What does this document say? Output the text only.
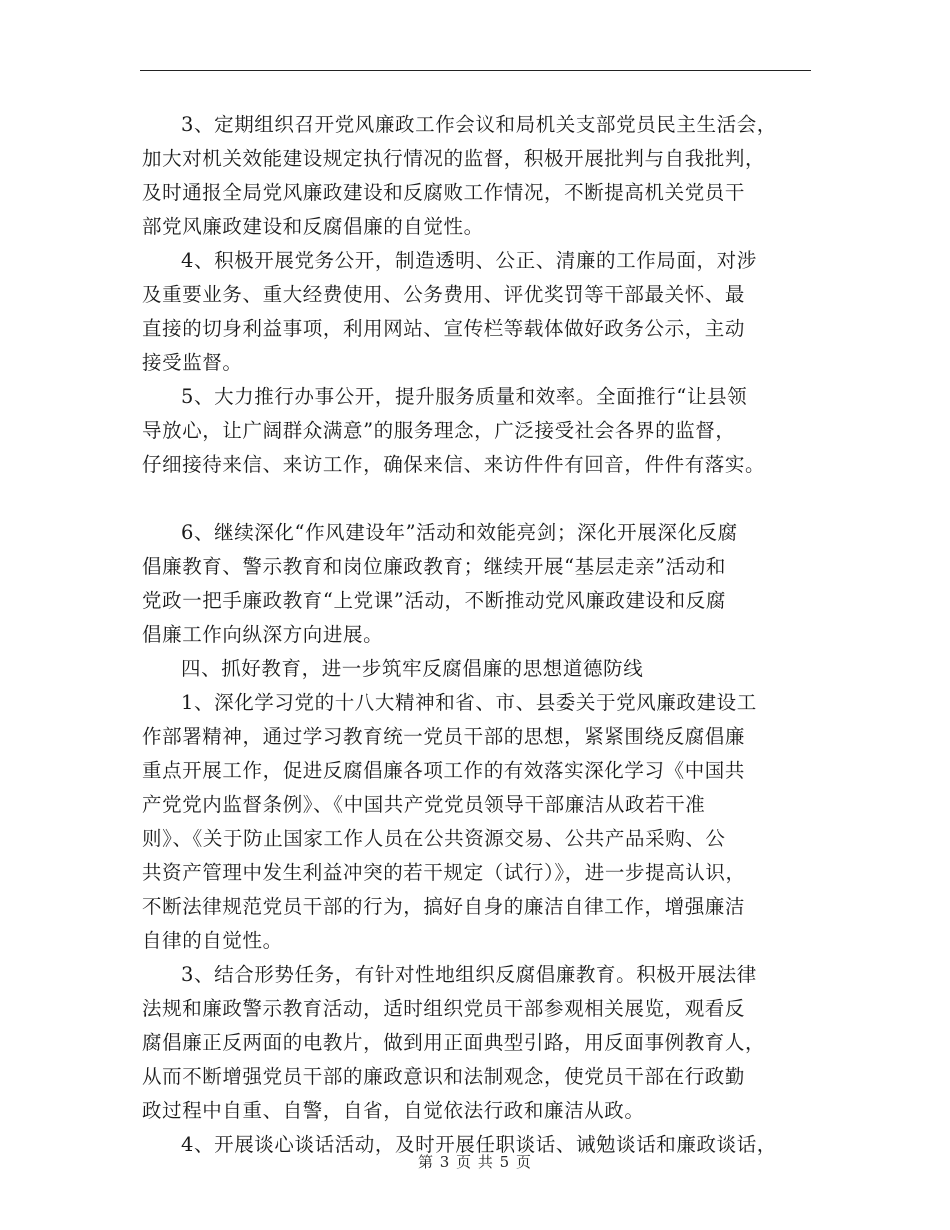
3、定期组织召开党风廉政工作会议和局机关支部党员民主生活会，
加大对机关效能建设规定执行情况的监督，积极开展批判与自我批判，
及时通报全局党风廉政建设和反腐败工作情况，不断提高机关党员干
部党风廉政建设和反腐倡廉的自觉性。
4、积极开展党务公开，制造透明、公正、清廉的工作局面，对涉
及重要业务、重大经费使用、公务费用、评优奖罚等干部最关怀、最
直接的切身利益事项，利用网站、宣传栏等载体做好政务公示，主动
接受监督。
5、大力推行办事公开，提升服务质量和效率。全面推行“让县领
导放心，让广阔群众满意”的服务理念，广泛接受社会各界的监督，
仔细接待来信、来访工作，确保来信、来访件件有回音，件件有落实。
6、继续深化“作风建设年”活动和效能亮剑；深化开展深化反腐
倡廉教育、警示教育和岗位廉政教育；继续开展“基层走亲”活动和
党政一把手廉政教育“上党课”活动，不断推动党风廉政建设和反腐
倡廉工作向纵深方向进展。
四、抓好教育，进一步筑牢反腐倡廉的思想道德防线
1、深化学习党的十八大精神和省、市、县委关于党风廉政建设工
作部署精神，通过学习教育统一党员干部的思想，紧紧围绕反腐倡廉
重点开展工作，促进反腐倡廉各项工作的有效落实深化学习《中国共
产党党内监督条例》、《中国共产党党员领导干部廉洁从政若干准
则》、《关于防止国家工作人员在公共资源交易、公共产品采购、公
共资产管理中发生利益冲突的若干规定（试行）》，进一步提高认识，
不断法律规范党员干部的行为，搞好自身的廉洁自律工作，增强廉洁
自律的自觉性。
3、结合形势任务，有针对性地组织反腐倡廉教育。积极开展法律
法规和廉政警示教育活动，适时组织党员干部参观相关展览，观看反
腐倡廉正反两面的电教片，做到用正面典型引路，用反面事例教育人，
从而不断增强党员干部的廉政意识和法制观念，使党员干部在行政勤
政过程中自重、自警，自省，自觉依法行政和廉洁从政。
4、开展谈心谈话活动，及时开展任职谈话、诫勉谈话和廉政谈话，
第 3 页 共 5 页
